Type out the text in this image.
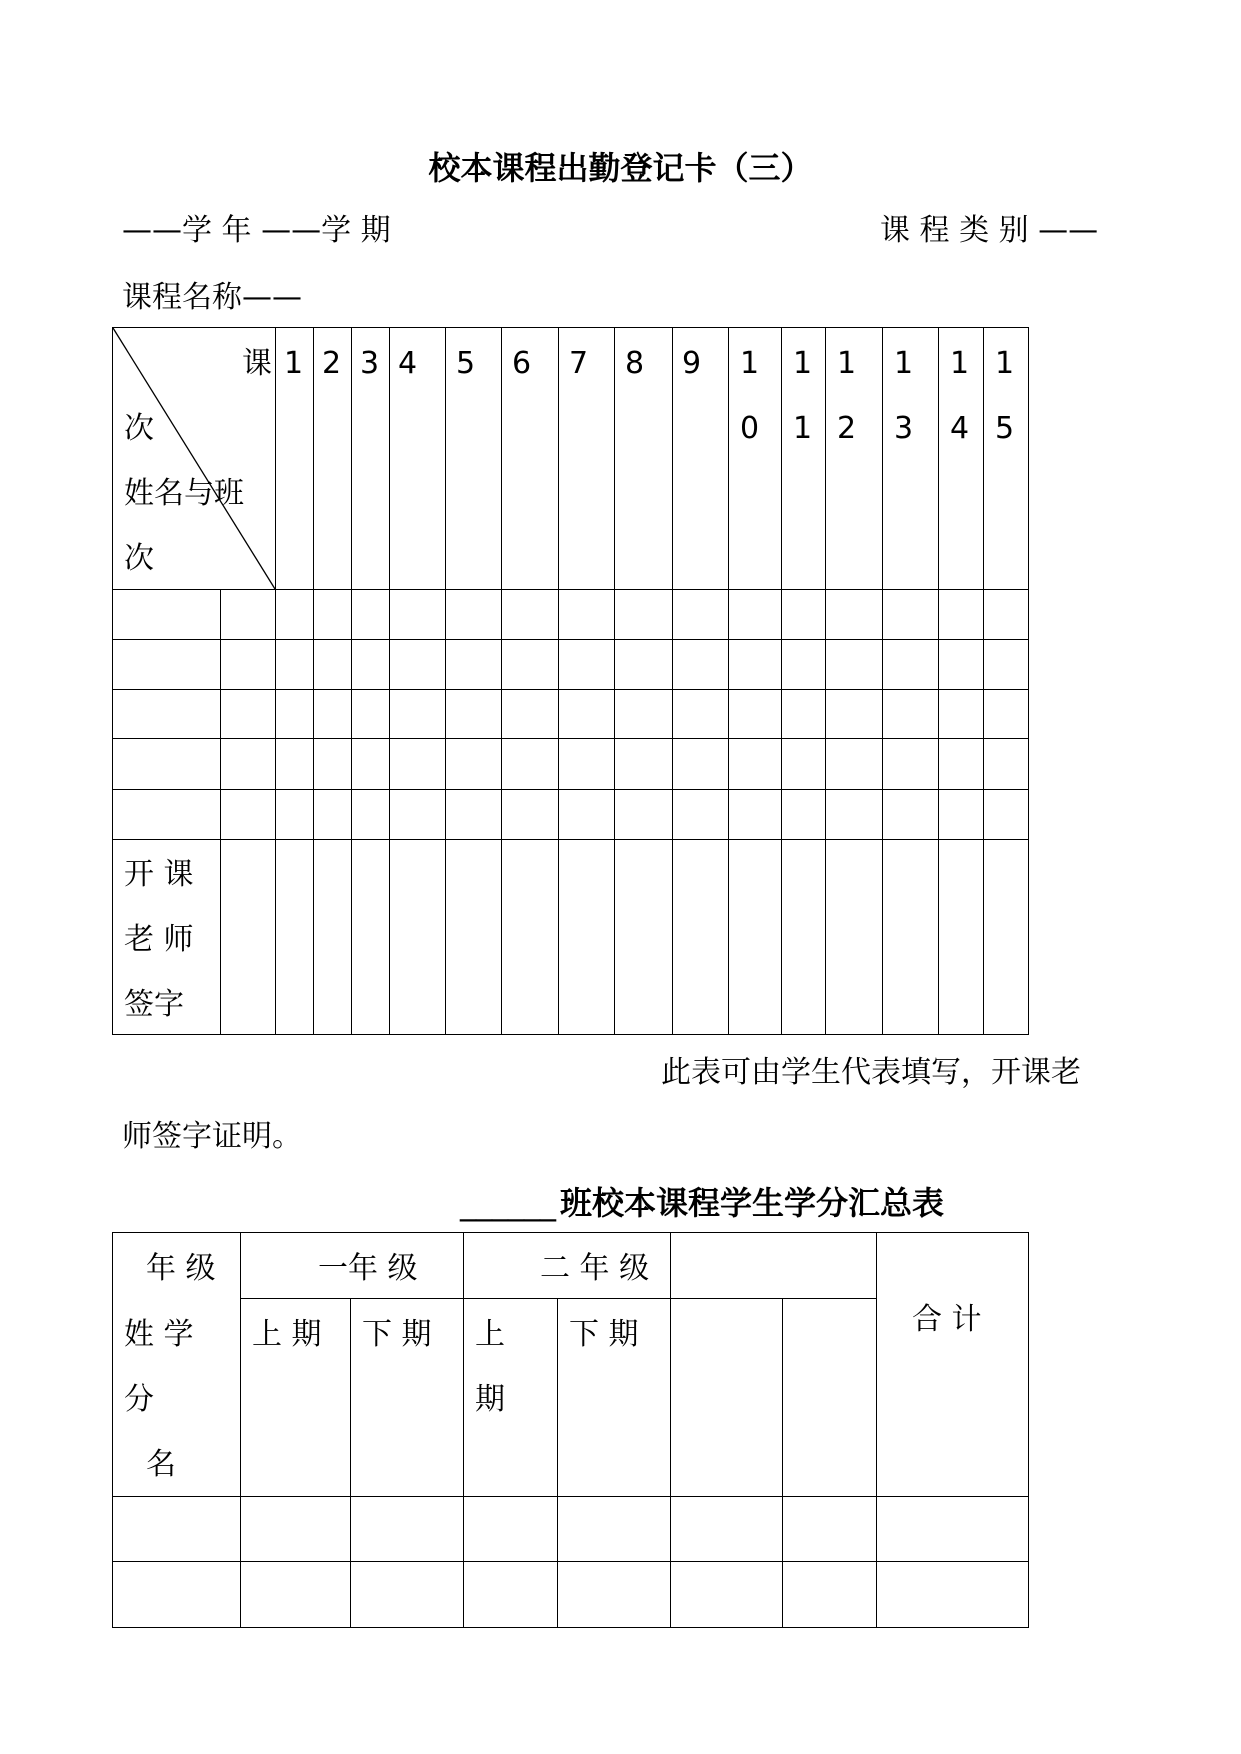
校本课程出勤登记卡（三）
——学 年 ——学 期	课 程 类 别 ——
课程名称——
课
次
姓名与班
次
1 2 3 4 5 6 7 8 9 1 0
1 1
1 2
1 3
1 4
1 5
开 课
老 师
签字
此表可由学生代表填写，开课老
师签字证明。
______ 班校本课程学生学分汇总表
年 级
姓 学
分
名
一年 级	二 年 级
合 计
上 期 下 期 上
期
下 期
